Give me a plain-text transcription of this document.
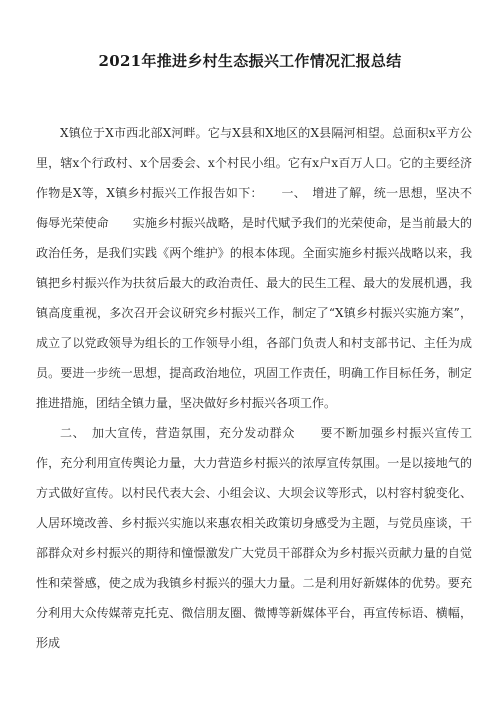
2021年推进乡村生态振兴工作情况汇报总结

X镇位于X市西北部X河畔。它与X县和X地区的X县隔河相望。总面积x平方公里，辖x个行政村、x个居委会、x个村民小组。它有x户x百万人口。它的主要经济作物是X等，X镇乡村振兴工作报告如下：　　一、　增进了解，统一思想，坚决不侮辱光荣使命　　实施乡村振兴战略，是时代赋予我们的光荣使命，是当前最大的政治任务，是我们实践《两个维护》的根本体现。全面实施乡村振兴战略以来，我镇把乡村振兴作为扶贫后最大的政治责任、最大的民生工程、最大的发展机遇，我镇高度重视，多次召开会议研究乡村振兴工作，制定了“X镇乡村振兴实施方案”，成立了以党政领导为组长的工作领导小组，各部门负责人和村支部书记、主任为成员。要进一步统一思想，提高政治地位，巩固工作责任，明确工作目标任务，制定推进措施，团结全镇力量，坚决做好乡村振兴各项工作。

二、　加大宣传，营造氛围，充分发动群众　　要不断加强乡村振兴宣传工作，充分利用宣传舆论力量，大力营造乡村振兴的浓厚宣传氛围。一是以接地气的方式做好宣传。以村民代表大会、小组会议、大坝会议等形式，以村容村貌变化、人居环境改善、乡村振兴实施以来惠农相关政策切身感受为主题，与党员座谈，干部群众对乡村振兴的期待和憧憬激发广大党员干部群众为乡村振兴贡献力量的自觉性和荣誉感，使之成为我镇乡村振兴的强大力量。二是利用好新媒体的优势。要充分利用大众传媒蒂克托克、微信朋友圈、微博等新媒体平台，再宣传标语、横幅，形成
